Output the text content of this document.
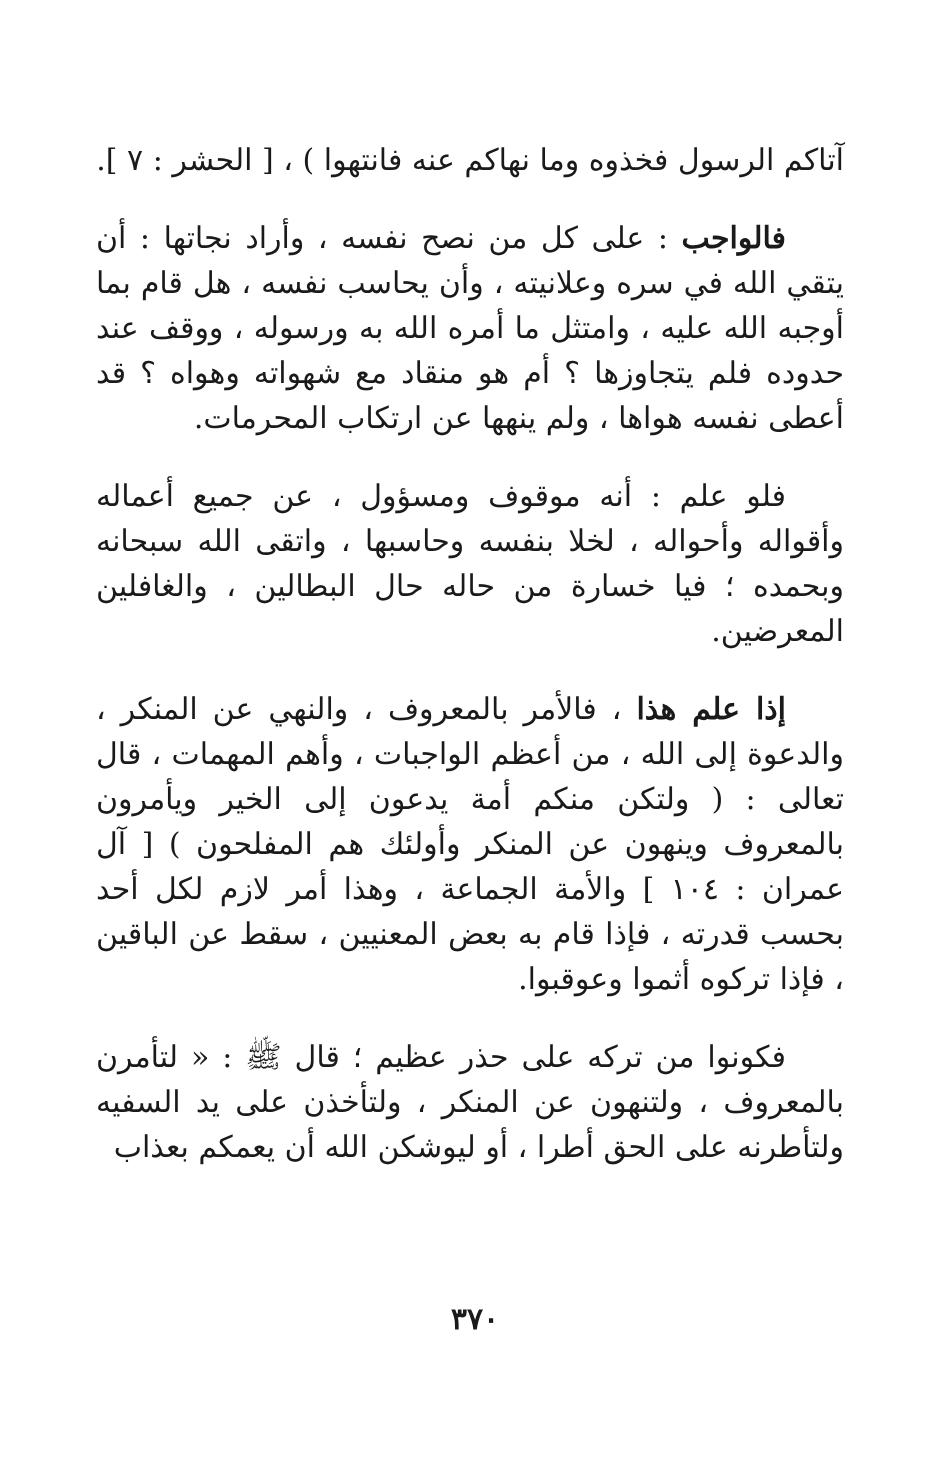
آتاكم الرسول فخذوه وما نهاكم عنه فانتهوا ) ، [ الحشر : ٧ ].

فالواجب : على كل من نصح نفسه ، وأراد نجاتها : أن يتقي الله في سره وعلانيته ، وأن يحاسب نفسه ، هل قام بما أوجبه الله عليه ، وامتثل ما أمره الله به ورسوله ، ووقف عند حدوده فلم يتجاوزها ؟ أم هو منقاد مع شهواته وهواه ؟ قد أعطى نفسه هواها ، ولم ينهها عن ارتكاب المحرمات.

فلو علم : أنه موقوف ومسؤول ، عن جميع أعماله وأقواله وأحواله ، لخلا بنفسه وحاسبها ، واتقى الله سبحانه وبحمده ؛ فيا خسارة من حاله حال البطالين ، والغافلين المعرضين.

إذا علم هذا ، فالأمر بالمعروف ، والنهي عن المنكر ، والدعوة إلى الله ، من أعظم الواجبات ، وأهم المهمات ، قال تعالى : ( ولتكن منكم أمة يدعون إلى الخير ويأمرون بالمعروف وينهون عن المنكر وأولئك هم المفلحون ) [ آل عمران : ١٠٤ ] والأمة الجماعة ، وهذا أمر لازم لكل أحد بحسب قدرته ، فإذا قام به بعض المعنيين ، سقط عن الباقين ، فإذا تركوه أثموا وعوقبوا.

فكونوا من تركه على حذر عظيم ؛ قال ﷺ : « لتأمرن بالمعروف ، ولتنهون عن المنكر ، ولتأخذن على يد السفيه ولتأطرنه على الحق أطرا ، أو ليوشكن الله أن يعمكم بعذاب

٣٧٠
